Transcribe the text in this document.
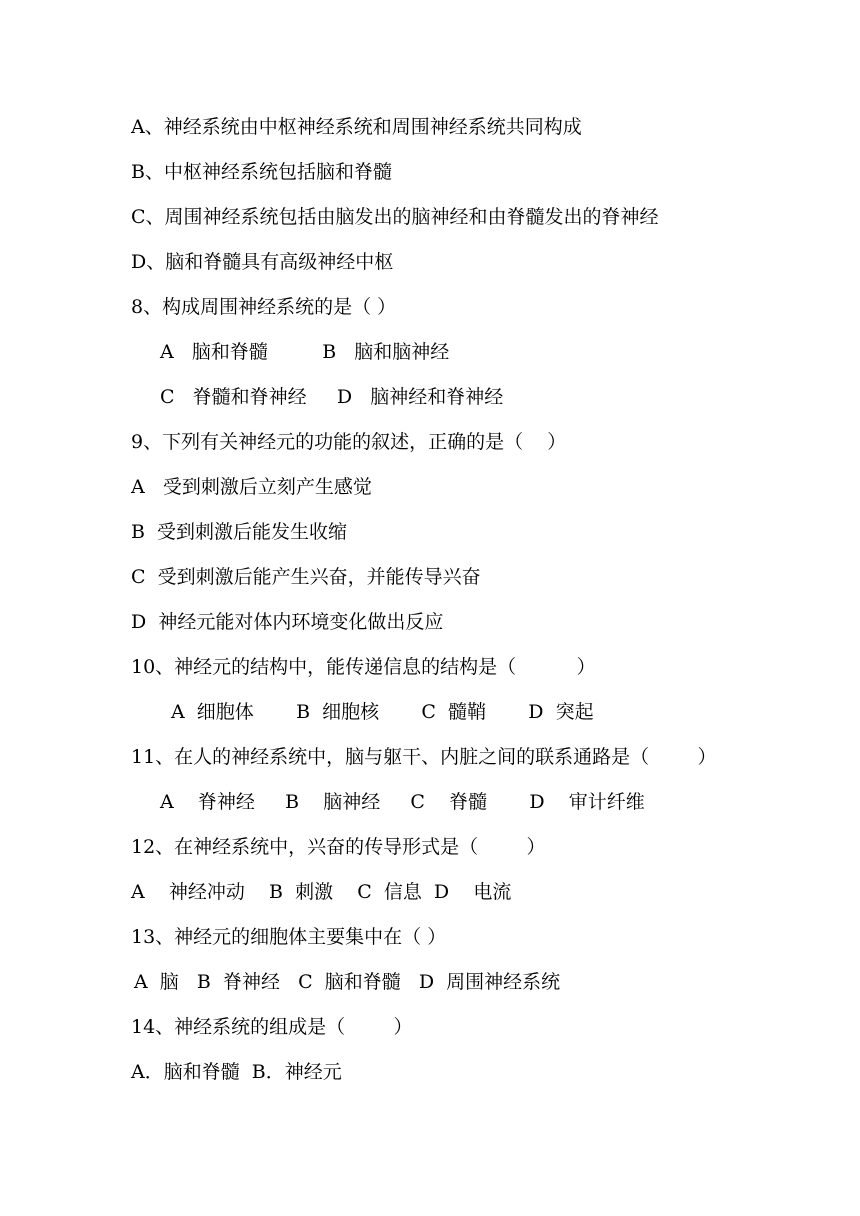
A、神经系统由中枢神经系统和周围神经系统共同构成
B、中枢神经系统包括脑和脊髓
C、周围神经系统包括由脑发出的脑神经和由脊髓发出的脊神经
D、脑和脊髓具有高级神经中枢
8、构成周围神经系统的是（ ）
A   脑和脊髓         B   脑和脑神经
C   脊髓和脊神经     D   脑神经和脊神经
9、下列有关神经元的功能的叙述，正确的是（    ）
A   受到刺激后立刻产生感觉
B  受到刺激后能发生收缩
C  受到刺激后能产生兴奋，并能传导兴奋
D  神经元能对体内环境变化做出反应
10、神经元的结构中，能传递信息的结构是（          ）
A  细胞体       B  细胞核       C  髓鞘       D  突起
11、在人的神经系统中，脑与躯干、内脏之间的联系通路是（        ）
A    脊神经     B    脑神经     C    脊髓       D    审计纤维
12、在神经系统中，兴奋的传导形式是（        ）
A    神经冲动    B  刺激    C  信息  D    电流
13、神经元的细胞体主要集中在（ ）
A  脑   B  脊神经   C  脑和脊髓   D  周围神经系统
14、神经系统的组成是（        ）
A．脑和脊髓  B．神经元
